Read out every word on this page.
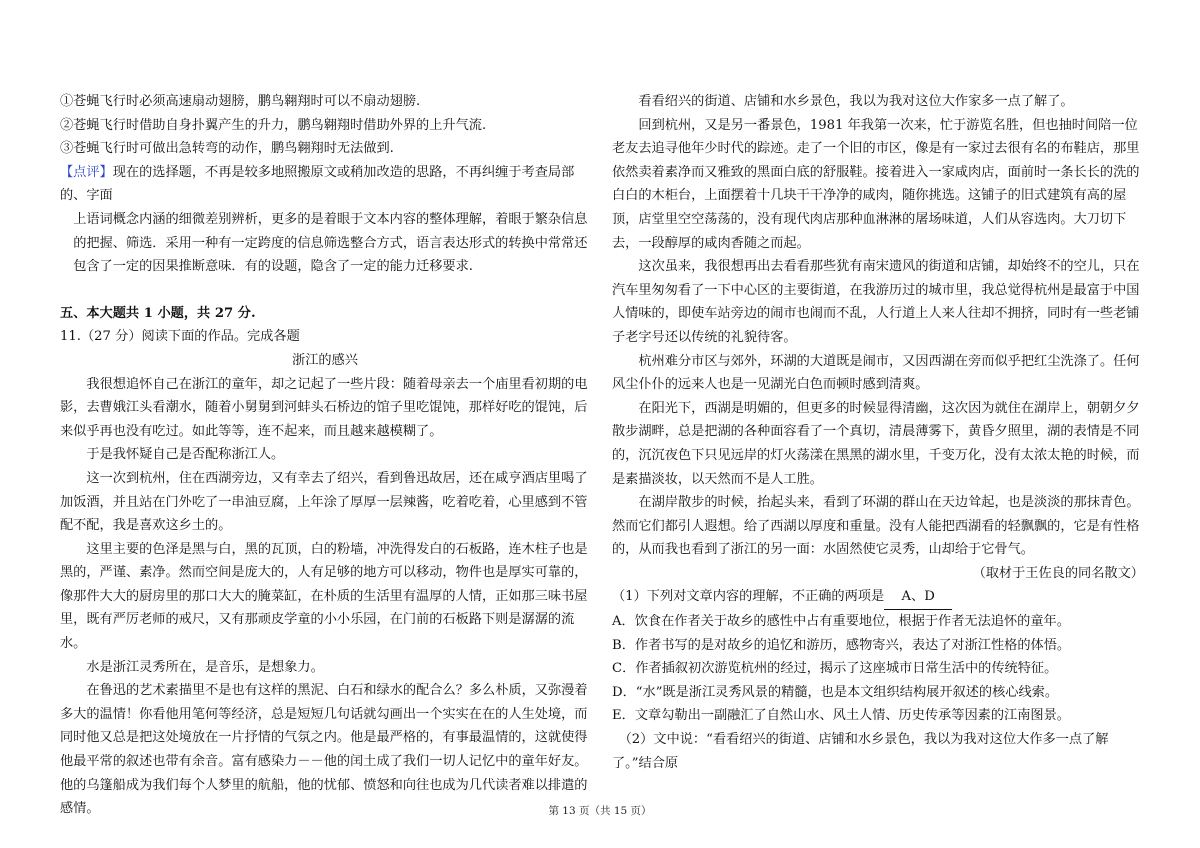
①苍蝇飞行时必须高速扇动翅膀，鹏鸟翱翔时可以不扇动翅膀.

②苍蝇飞行时借助自身扑翼产生的升力，鹏鸟翱翔时借助外界的上升气流.

③苍蝇飞行时可做出急转弯的动作，鹏鸟翱翔时无法做到.

【点评】现在的选择题，不再是较多地照搬原文或稍加改造的思路，不再纠缠于考查局部的、字面
上语词概念内涵的细微差别辨析，更多的是着眼于文本内容的整体理解，着眼于繁杂信息的把握、筛选．采用一种有一定跨度的信息筛选整合方式，语言表达形式的转换中常常还包含了一定的因果推断意味．有的设题，隐含了一定的能力迁移要求.

五、本大题共 1 小题，共 27 分.

11.（27 分）阅读下面的作品。完成各题

浙江的感兴

我很想追怀自己在浙江的童年，却之记起了一些片段：随着母亲去一个庙里看初期的电影，去曹娥江头看潮水，随着小舅舅到河蚌头石桥边的馆子里吃馄饨，那样好吃的馄饨，后来似乎再也没有吃过。如此等等，连不起来，而且越来越模糊了。

于是我怀疑自己是否配称浙江人。

这一次到杭州，住在西湖旁边，又有幸去了绍兴，看到鲁迅故居，还在咸亨酒店里喝了加饭酒，并且站在门外吃了一串油豆腐，上年涂了厚厚一层辣酱，吃着吃着，心里感到不管配不配，我是喜欢这乡土的。

这里主要的色泽是黑与白，黑的瓦顶，白的粉墙，冲洗得发白的石板路，连木柱子也是黑的，严谨、素净。然而空间是庞大的，人有足够的地方可以移动，物件也是厚实可靠的，像那件大大的厨房里的那口大大的腌菜缸，在朴质的生活里有温厚的人情，正如那三味书屋里，既有严厉老师的戒尺，又有那顽皮学童的小小乐园，在门前的石板路下则是潺潺的流水。

水是浙江灵秀所在，是音乐，是想象力。

在鲁迅的艺术素描里不是也有这样的黑泥、白石和绿水的配合么？多么朴质，又弥漫着多大的温情！你看他用笔何等经济，总是短短几句话就勾画出一个实实在在的人生处境，而同时他又总是把这处境放在一片抒情的气氛之内。他是最严格的，有事最温情的，这就使得他最平常的叙述也带有余音。富有感染力－－他的闰土成了我们一切人记忆中的童年好友。他的乌篷船成为我们每个人梦里的航船，他的忧郁、愤怒和向往也成为几代读者难以排遣的感情。

看看绍兴的街道、店铺和水乡景色，我以为我对这位大作家多一点了解了。

回到杭州，又是另一番景色，1981 年我第一次来，忙于游览名胜，但也抽时间陪一位老友去追寻他年少时代的踪迹。走了一个旧的市区，像是有一家过去很有名的布鞋店，那里依然卖着素净而又雅致的黑面白底的舒服鞋。接着进入一家咸肉店，面前时一条长长的洗的白白的木柜台，上面摆着十几块干干净净的咸肉，随你挑选。这铺子的旧式建筑有高的屋顶，店堂里空空荡荡的，没有现代肉店那种血淋淋的屠场味道，人们从容选肉。大刀切下去，一段醇厚的咸肉香随之而起。

这次虽来，我很想再出去看看那些犹有南宋遗风的街道和店铺，却始终不的空儿，只在汽车里匆匆看了一下中心区的主要街道，在我游历过的城市里，我总觉得杭州是最富于中国人情味的，即使车站旁边的闹市也闹而不乱，人行道上人来人往却不拥挤，同时有一些老铺子老字号还以传统的礼貌待客。

杭州难分市区与郊外，环湖的大道既是闹市，又因西湖在旁而似乎把红尘洗涤了。任何风尘仆仆的远来人也是一见湖光白色而顿时感到清爽。

在阳光下，西湖是明媚的，但更多的时候显得清幽，这次因为就住在湖岸上，朝朝夕夕散步湖畔，总是把湖的各种面容看了一个真切，清晨薄雾下，黄昏夕照里，湖的表情是不同的，沉沉夜色下只见远岸的灯火荡漾在黑黑的湖水里，千变万化，没有太浓太艳的时候，而是素描淡妆，以天然而不是人工胜。

在湖岸散步的时候，抬起头来，看到了环湖的群山在天边耸起，也是淡淡的那抹青色。然而它们都引人遐想。给了西湖以厚度和重量。没有人能把西湖看的轻飘飘的，它是有性格的，从而我也看到了浙江的另一面：水固然使它灵秀，山却给于它骨气。

（取材于王佐良的同名散文）

（1）下列对文章内容的理解，不正确的两项是 A、D

A．饮食在作者关于故乡的感性中占有重要地位，根据于作者无法追怀的童年。

B．作者书写的是对故乡的追忆和游历，感物寄兴，表达了对浙江性格的体悟。

C．作者插叙初次游览杭州的经过，揭示了这座城市日常生活中的传统特征。

D．“水”既是浙江灵秀风景的精髓，也是本文组织结构展开叙述的核心线索。

E．文章勾勒出一副融汇了自然山水、风土人情、历史传承等因素的江南图景。

（2）文中说：“看看绍兴的街道、店铺和水乡景色，我以为我对这位大作多一点了解了。”结合原

第 13 页（共 15 页）
